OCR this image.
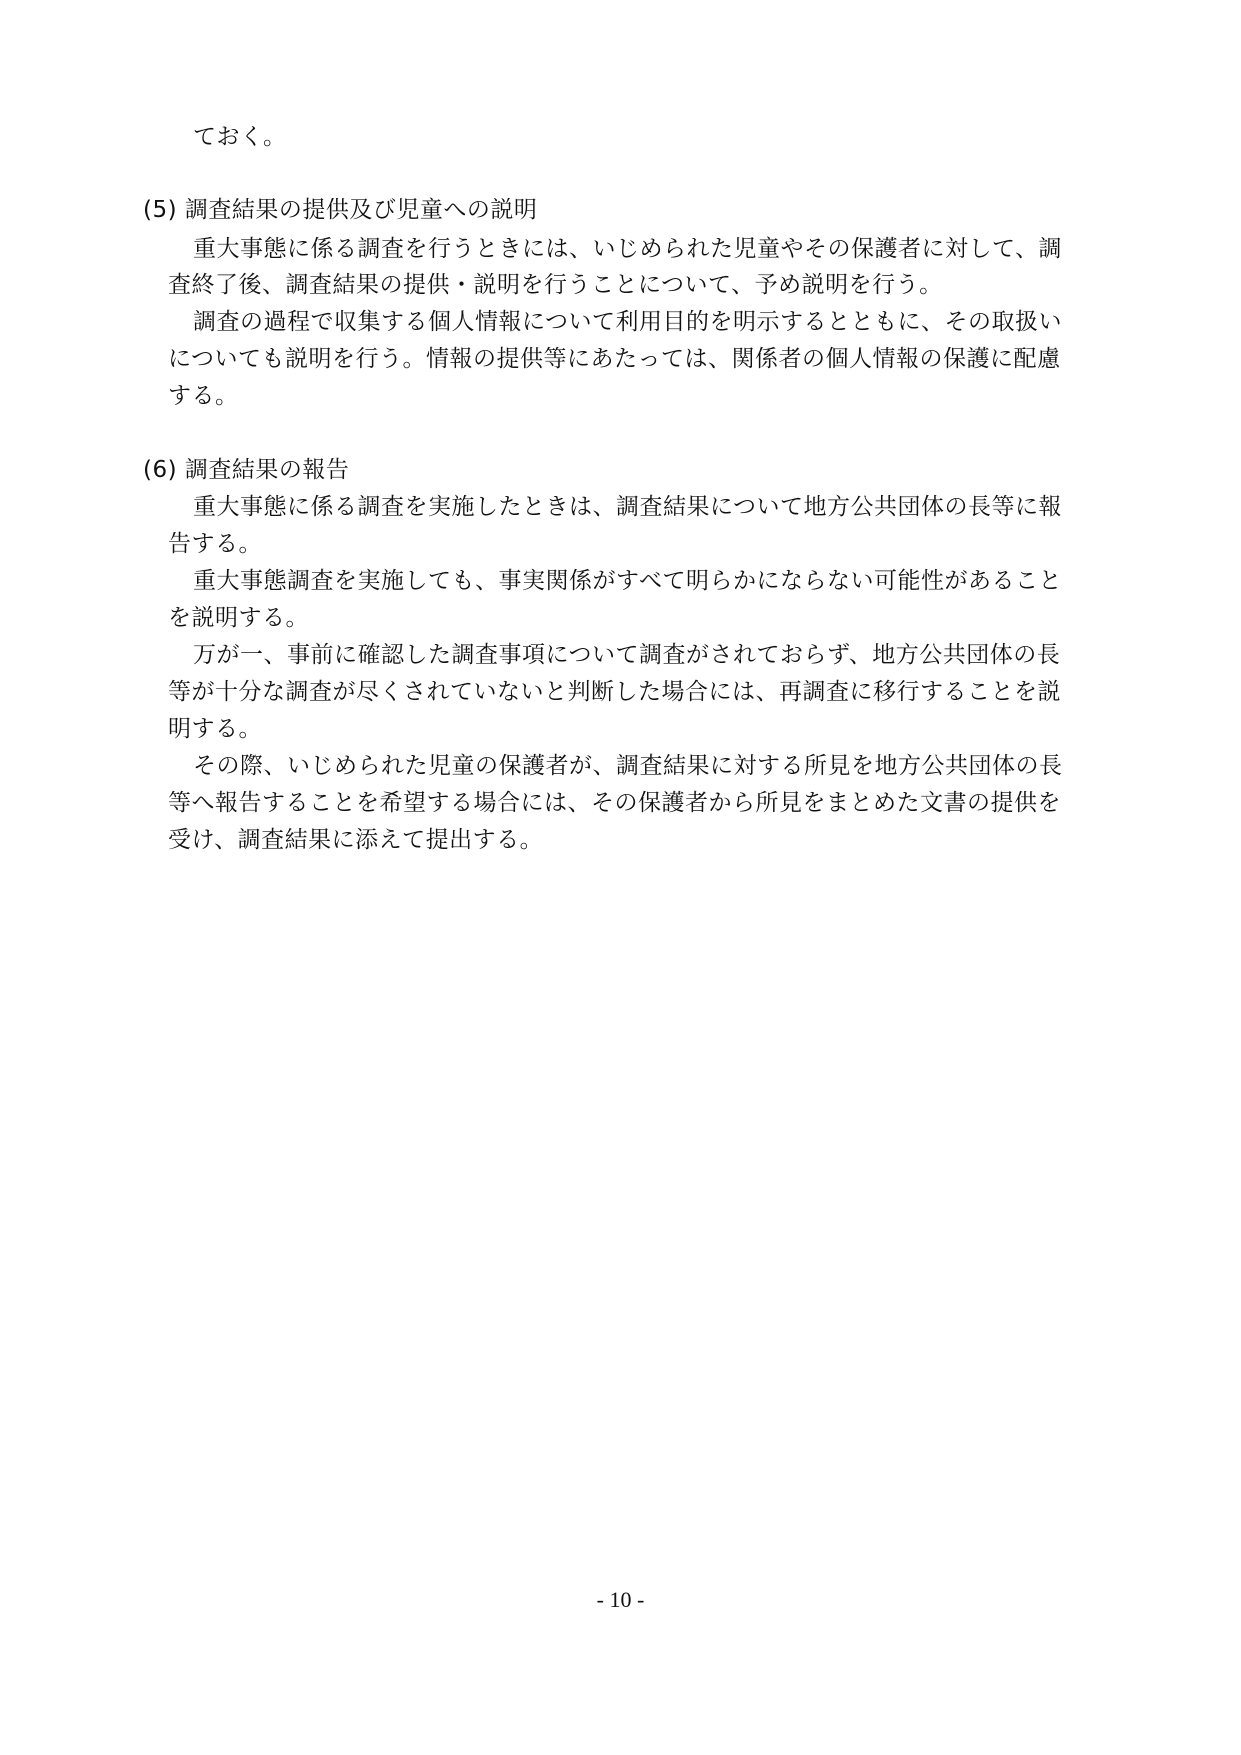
ておく。
(5) 調査結果の提供及び児童への説明
重大事態に係る調査を行うときには、いじめられた児童やその保護者に対して、調
査終了後、調査結果の提供・説明を行うことについて、予め説明を行う。
調査の過程で収集する個人情報について利用目的を明示するとともに、その取扱い
についても説明を行う。情報の提供等にあたっては、関係者の個人情報の保護に配慮
する。
(6) 調査結果の報告
重大事態に係る調査を実施したときは、調査結果について地方公共団体の長等に報
告する。
重大事態調査を実施しても、事実関係がすべて明らかにならない可能性があること
を説明する。
万が一、事前に確認した調査事項について調査がされておらず、地方公共団体の長
等が十分な調査が尽くされていないと判断した場合には、再調査に移行することを説
明する。
その際、いじめられた児童の保護者が、調査結果に対する所見を地方公共団体の長
等へ報告することを希望する場合には、その保護者から所見をまとめた文書の提供を
受け、調査結果に添えて提出する。
- 10 -
